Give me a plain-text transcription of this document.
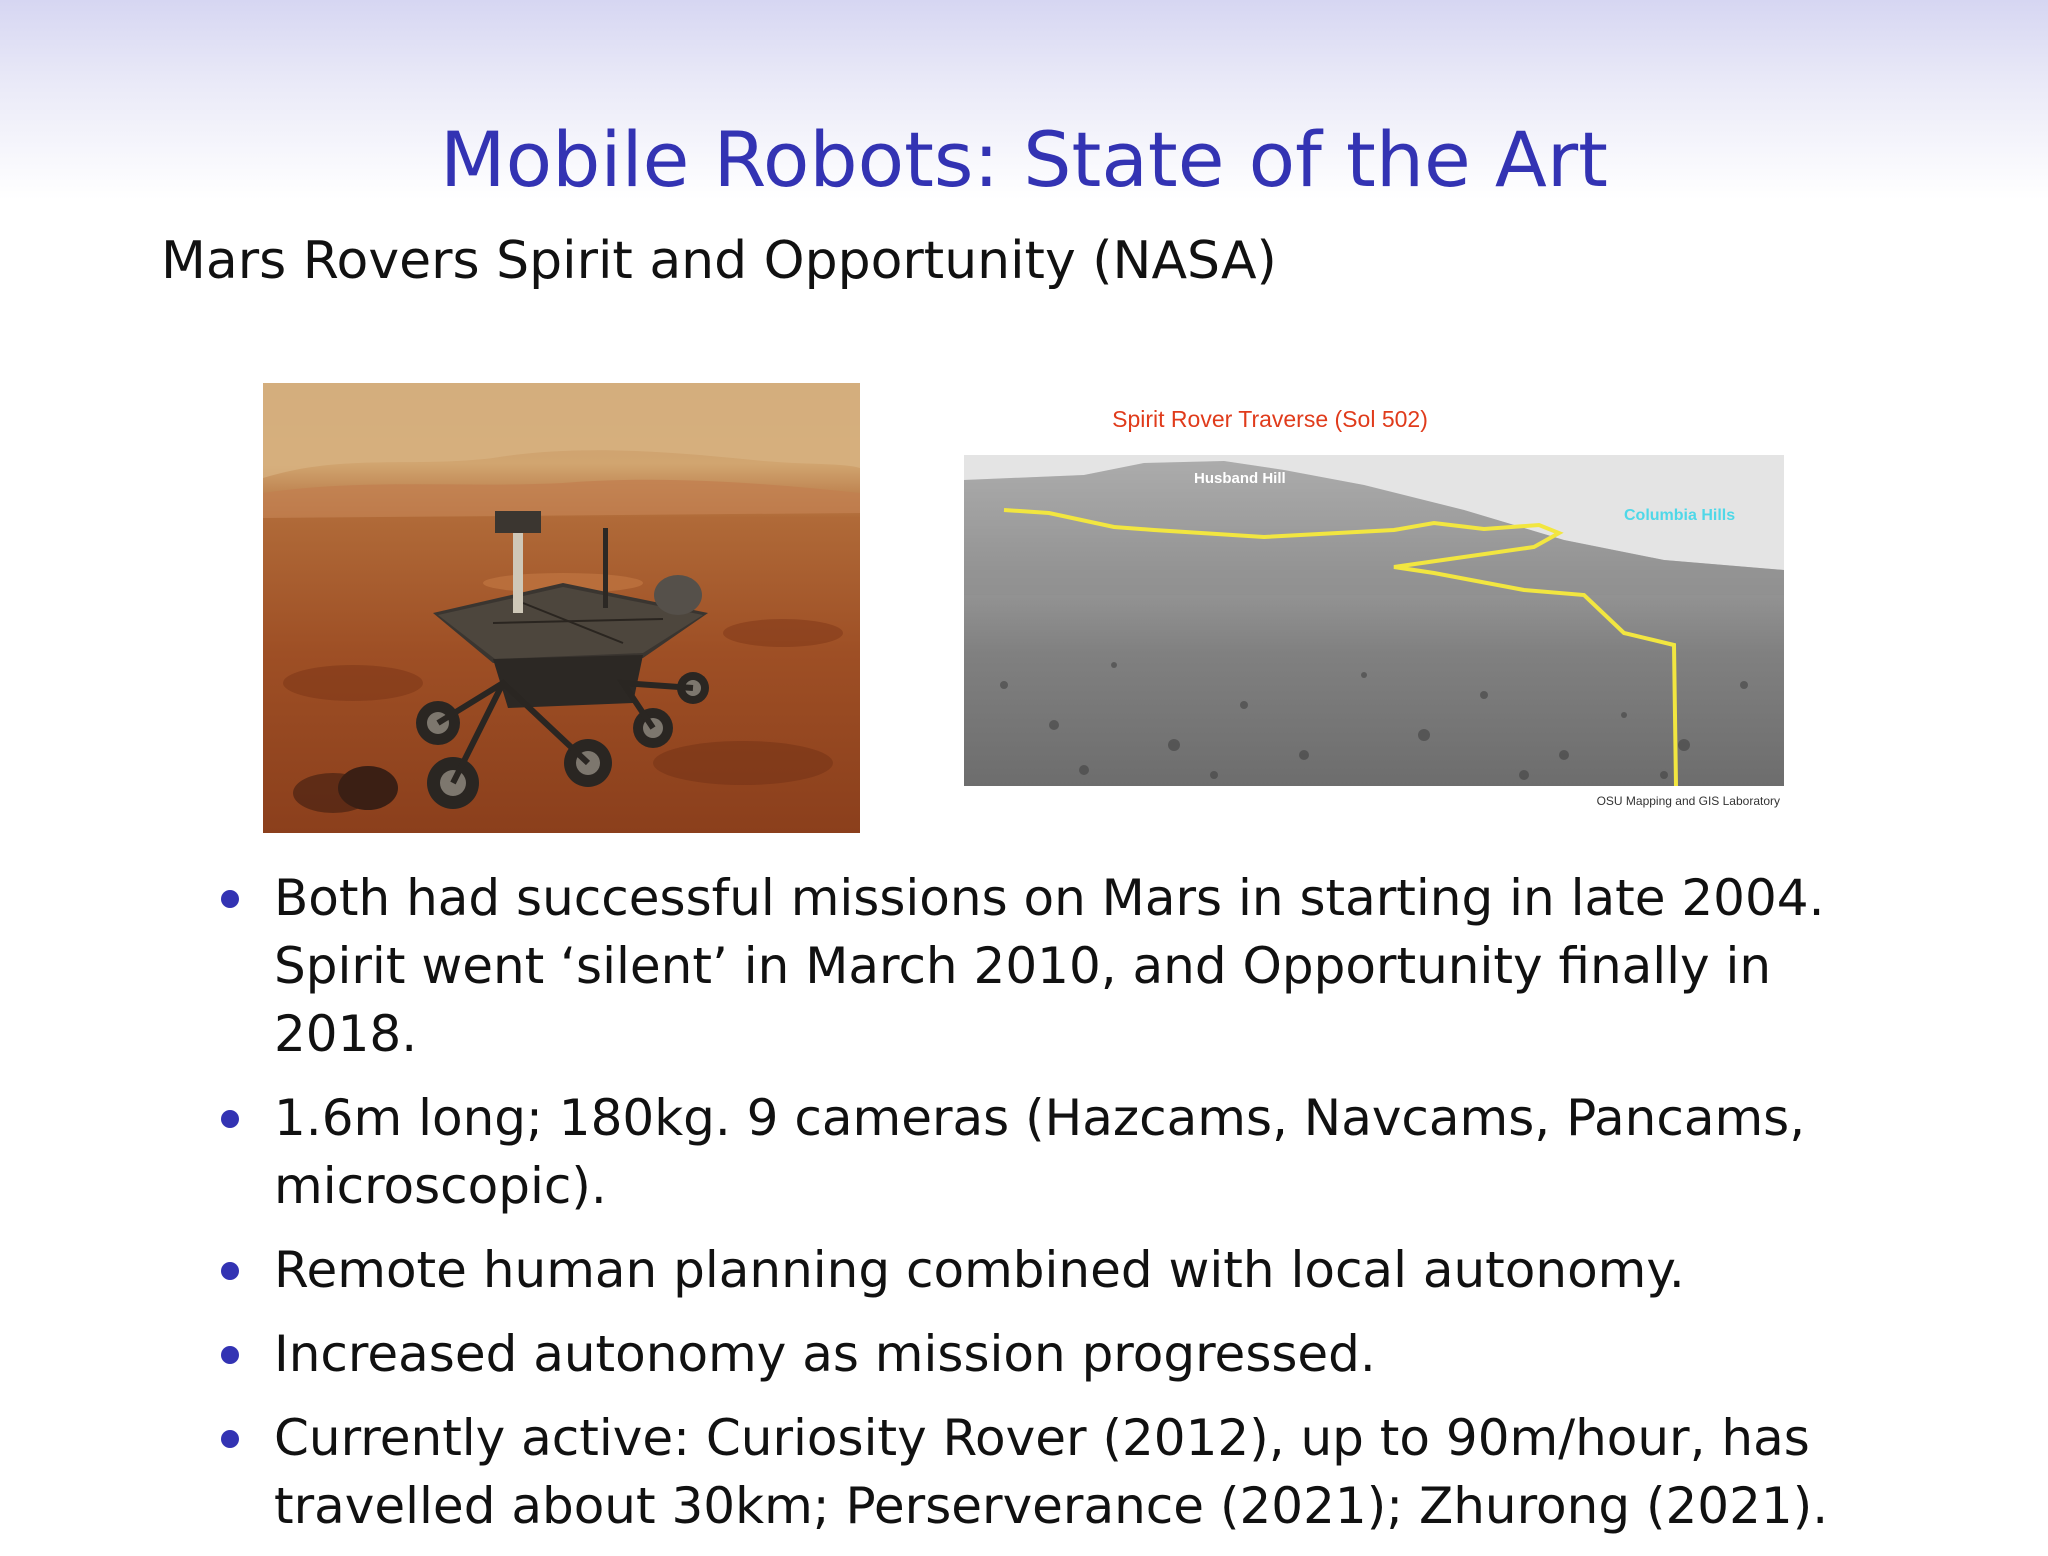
Mobile Robots: State of the Art
Mars Rovers Spirit and Opportunity (NASA)
Spirit Rover Traverse (Sol 502)
Husband Hill
Columbia Hills
OSU Mapping and GIS Laboratory
Both had successful missions on Mars in starting in late 2004. Spirit went ‘silent’ in March 2010, and Opportunity finally in 2018.
1.6m long; 180kg. 9 cameras (Hazcams, Navcams, Pancams, microscopic).
Remote human planning combined with local autonomy.
Increased autonomy as mission progressed.
Currently active: Curiosity Rover (2012), up to 90m/hour, has travelled about 30km; Perserverance (2021); Zhurong (2021).
